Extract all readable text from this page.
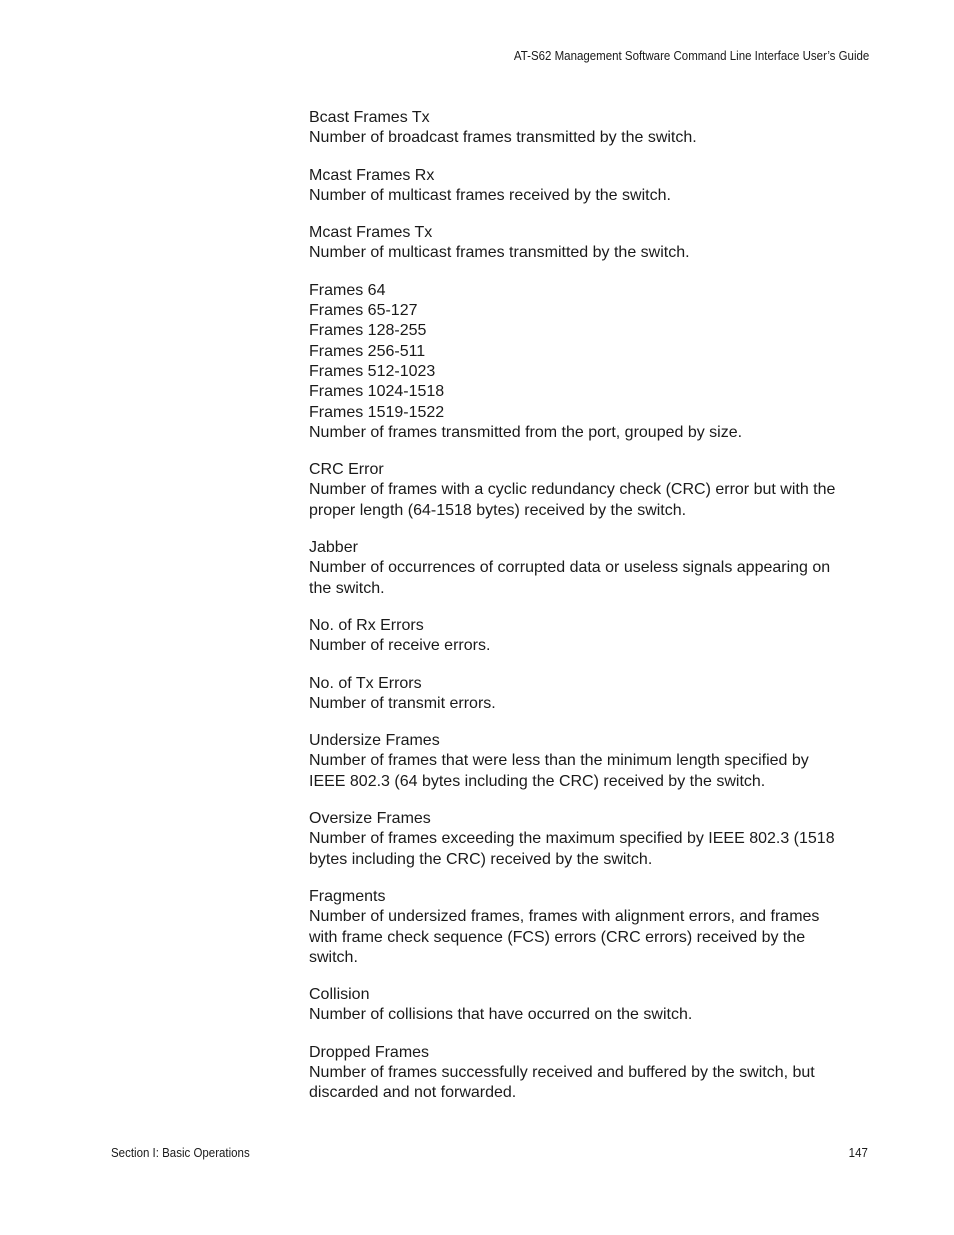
AT-S62 Management Software Command Line Interface User’s Guide
Bcast Frames Tx

Number of broadcast frames transmitted by the switch.

Mcast Frames Rx

Number of multicast frames received by the switch.

Mcast Frames Tx

Number of multicast frames transmitted by the switch.

Frames 64
Frames 65-127
Frames 128-255
Frames 256-511
Frames 512-1023
Frames 1024-1518
Frames 1519-1522

Number of frames transmitted from the port, grouped by size.

CRC Error
Number of frames with a cyclic redundancy check (CRC) error but with the
proper length (64-1518 bytes) received by the switch.
Jabber
Number of occurrences of corrupted data or useless signals appearing on
the switch.
No. of Rx Errors

Number of receive errors.

No. of Tx Errors

Number of transmit errors.

Undersize Frames
Number of frames that were less than the minimum length specified by
IEEE 802.3 (64 bytes including the CRC) received by the switch.
Oversize Frames
Number of frames exceeding the maximum specified by IEEE 802.3 (1518
bytes including the CRC) received by the switch.
Fragments
Number of undersized frames, frames with alignment errors, and frames
with frame check sequence (FCS) errors (CRC errors) received by the
switch.
Collision

Number of collisions that have occurred on the switch.

Dropped Frames
Number of frames successfully received and buffered by the switch, but
discarded and not forwarded.
Section I: Basic Operations	147
